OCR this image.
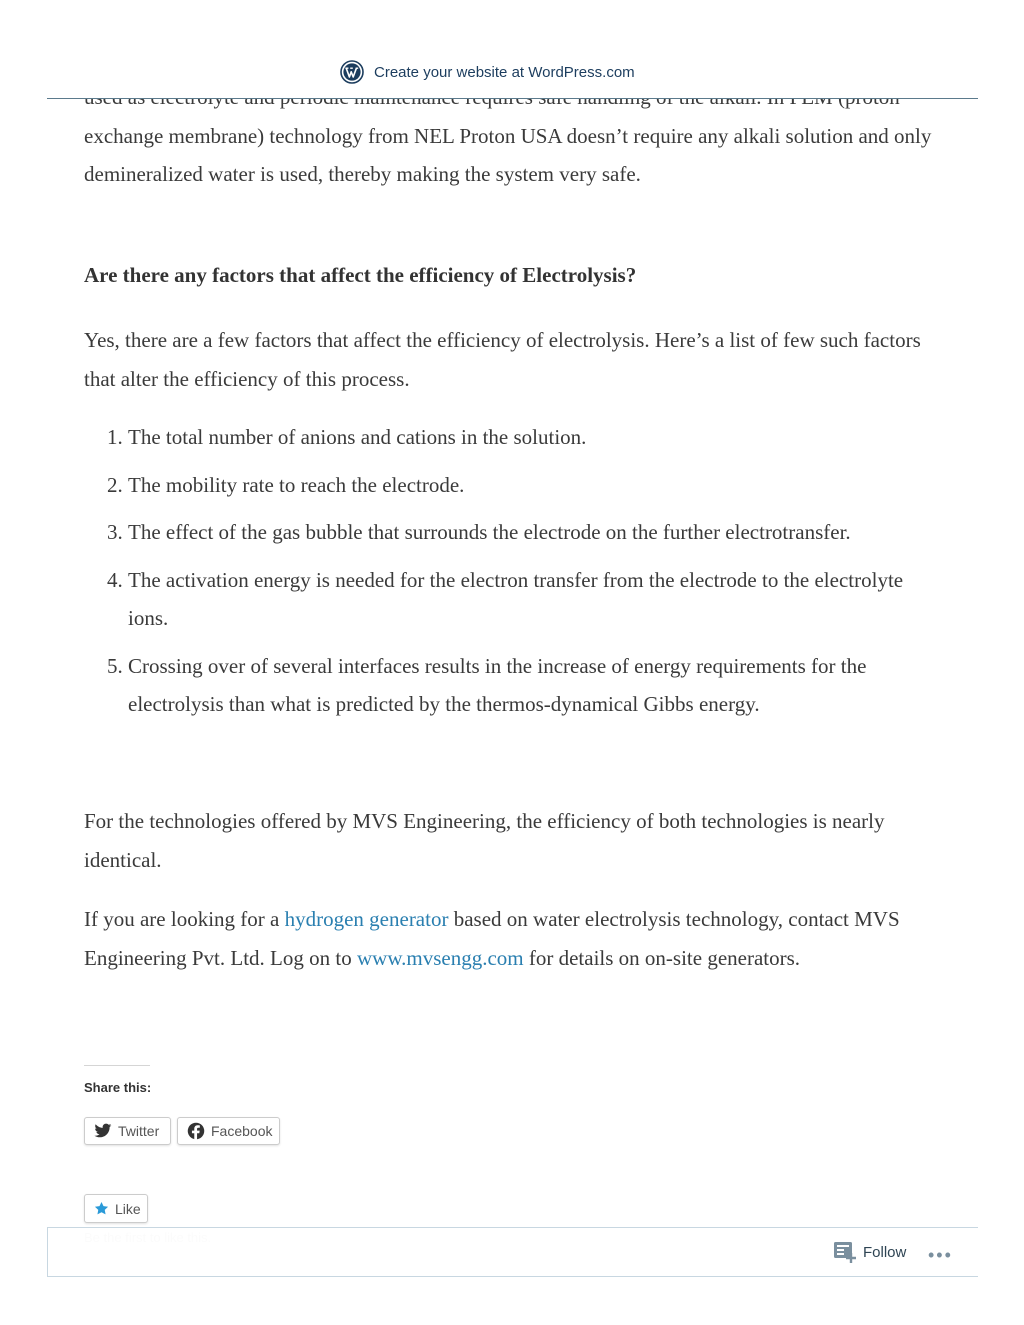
Create your website at WordPress.com

exchange membrane) technology from NEL Proton USA doesn’t require any alkali solution and only demineralized water is used, thereby making the system very safe.

Are there any factors that affect the efficiency of Electrolysis?

Yes, there are a few factors that affect the efficiency of electrolysis. Here’s a list of few such factors that alter the efficiency of this process.

1. The total number of anions and cations in the solution.
2. The mobility rate to reach the electrode.
3. The effect of the gas bubble that surrounds the electrode on the further electrotransfer.
4. The activation energy is needed for the electron transfer from the electrode to the electrolyte ions.
5. Crossing over of several interfaces results in the increase of energy requirements for the electrolysis than what is predicted by the thermos-dynamical Gibbs energy.

For the technologies offered by MVS Engineering, the efficiency of both technologies is nearly identical.

If you are looking for a hydrogen generator based on water electrolysis technology, contact MVS Engineering Pvt. Ltd. Log on to www.mvsengg.com for details on on-site generators.

Share this:
Twitter	Facebook
Like
Follow •••
